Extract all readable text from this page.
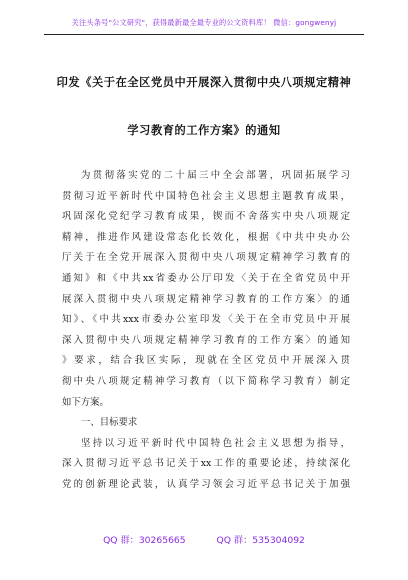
关注头条号"公文研究"，获得最新最全最专业的公文资料库！ 微信：gongwenyj
印发《关于在全区党员中开展深入贯彻中央八项规定精神
学习教育的工作方案》的通知
为贯彻落实党的二十届三中全会部署，巩固拓展学习
贯彻习近平新时代中国特色社会主义思想主题教育成果，
巩固深化党纪学习教育成果，锲而不舍落实中央八项规定
精神，推进作风建设常态化长效化，根据《中共中央办公
厅关于在全党开展深入贯彻中央八项规定精神学习教育的
通知》和《中共xx省委办公厅印发〈关于在全省党员中开
展深入贯彻中央八项规定精神学习教育的工作方案〉的通
知》、《中共xxx市委办公室印发〈关于在全市党员中开展
深入贯彻中央八项规定精神学习教育的工作方案〉的通知
》要求，结合我区实际，现就在全区党员中开展深入贯
彻中央八项规定精神学习教育（以下简称学习教育）制定
如下方案。
一、目标要求
坚持以习近平新时代中国特色社会主义思想为指导，
深入贯彻习近平总书记关于xx工作的重要论述，持续深化
党的创新理论武装，认真学习领会习近平总书记关于加强
QQ 群：30265665	QQ 群：535304092
